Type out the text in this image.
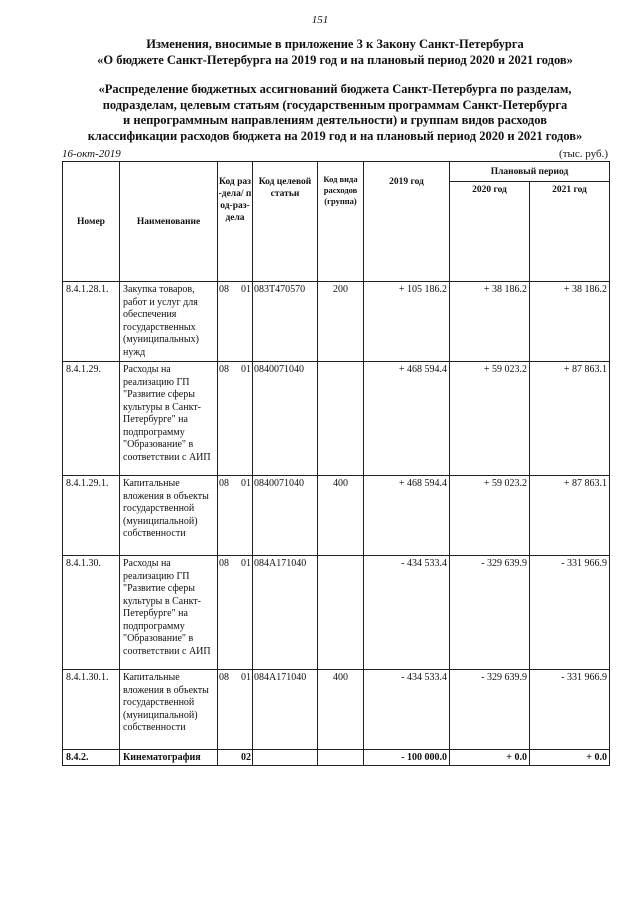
151
Изменения, вносимые в приложение 3 к Закону Санкт-Петербурга
«О бюджете Санкт-Петербурга на 2019 год и на плановый период 2020 и 2021 годов»
«Распределение бюджетных ассигнований бюджета Санкт-Петербурга по разделам,
подразделам, целевым статьям (государственным программам Санкт-Петербурга
и непрограммным направлениям деятельности) и группам видов расходов
классификации расходов бюджета на 2019 год и на плановый период 2020 и 2021 годов»
16-окт-2019	(тыс. руб.)
Номер	Наименование	Код раз-дела/ под-раз-дела	Код целевой статьи	Код вида расходов (группа)	2019 год	Плановый период	
						2020 год	2021 год
8.4.1.28.1.	Закупка товаров, работ и услуг для обеспечения государственных (муниципальных) нужд	08 01	083Т470570	200	+ 105 186.2	+ 38 186.2	+ 38 186.2
8.4.1.29.	Расходы на реализацию ГП "Развитие сферы культуры в Санкт-Петербурге" на подпрограмму "Образование" в соответствии с АИП	08 01	0840071040		+ 468 594.4	+ 59 023.2	+ 87 863.1
8.4.1.29.1.	Капитальные вложения в объекты государственной (муниципальной) собственности	08 01	0840071040	400	+ 468 594.4	+ 59 023.2	+ 87 863.1
8.4.1.30.	Расходы на реализацию ГП "Развитие сферы культуры в Санкт-Петербурге" на подпрограмму "Образование" в соответствии с АИП	08 01	084А171040		- 434 533.4	- 329 639.9	- 331 966.9
8.4.1.30.1.	Капитальные вложения в объекты государственной (муниципальной) собственности	08 01	084А171040	400	- 434 533.4	- 329 639.9	- 331 966.9
8.4.2.	Кинематография	02			- 100 000.0	+ 0.0	+ 0.0
